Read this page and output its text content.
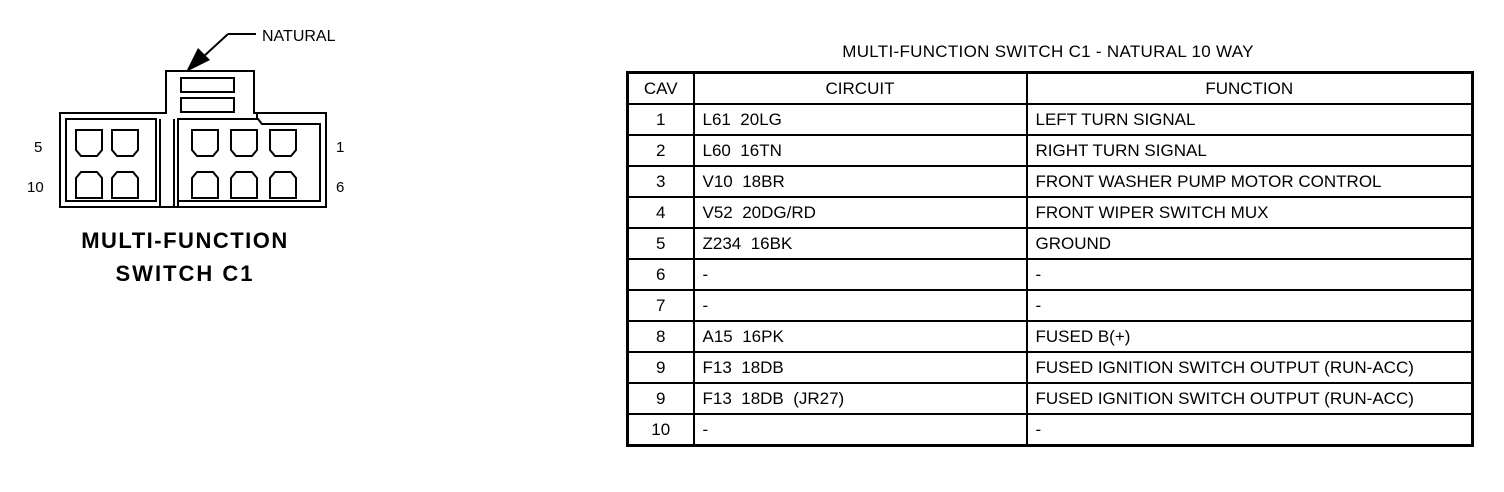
NATURAL
5
10
1
6
MULTI-FUNCTION
SWITCH C1
MULTI-FUNCTION SWITCH C1 - NATURAL 10 WAY
CAV	CIRCUIT	FUNCTION
1	L61  20LG	LEFT TURN SIGNAL
2	L60  16TN	RIGHT TURN SIGNAL
3	V10  18BR	FRONT WASHER PUMP MOTOR CONTROL
4	V52  20DG/RD	FRONT WIPER SWITCH MUX
5	Z234  16BK	GROUND
6	-	-
7	-	-
8	A15  16PK	FUSED B(+)
9	F13  18DB	FUSED IGNITION SWITCH OUTPUT (RUN-ACC)
9	F13  18DB  (JR27)	FUSED IGNITION SWITCH OUTPUT (RUN-ACC)
10	-	-
